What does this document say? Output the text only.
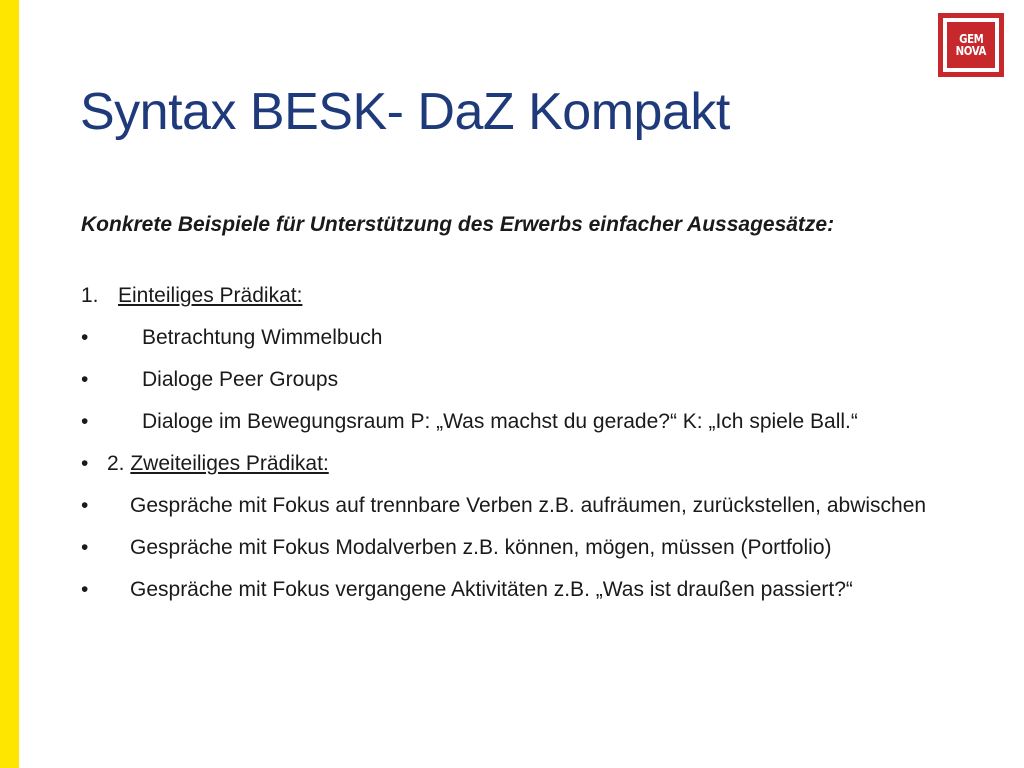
GEM
NOVA
Syntax BESK- DaZ Kompakt

Konkrete Beispiele für Unterstützung des Erwerbs einfacher Aussagesätze:

1. Einteiliges Prädikat:
•	Betrachtung Wimmelbuch
•	Dialoge Peer Groups
•	Dialoge im Bewegungsraum P: „Was machst du gerade?“ K: „Ich spiele Ball.“
• 2. Zweiteiliges Prädikat:
•	Gespräche mit Fokus auf trennbare Verben z.B. aufräumen, zurückstellen, abwischen
•	Gespräche mit Fokus Modalverben z.B. können, mögen, müssen (Portfolio)
•	Gespräche mit Fokus vergangene Aktivitäten z.B. „Was ist draußen passiert?“
